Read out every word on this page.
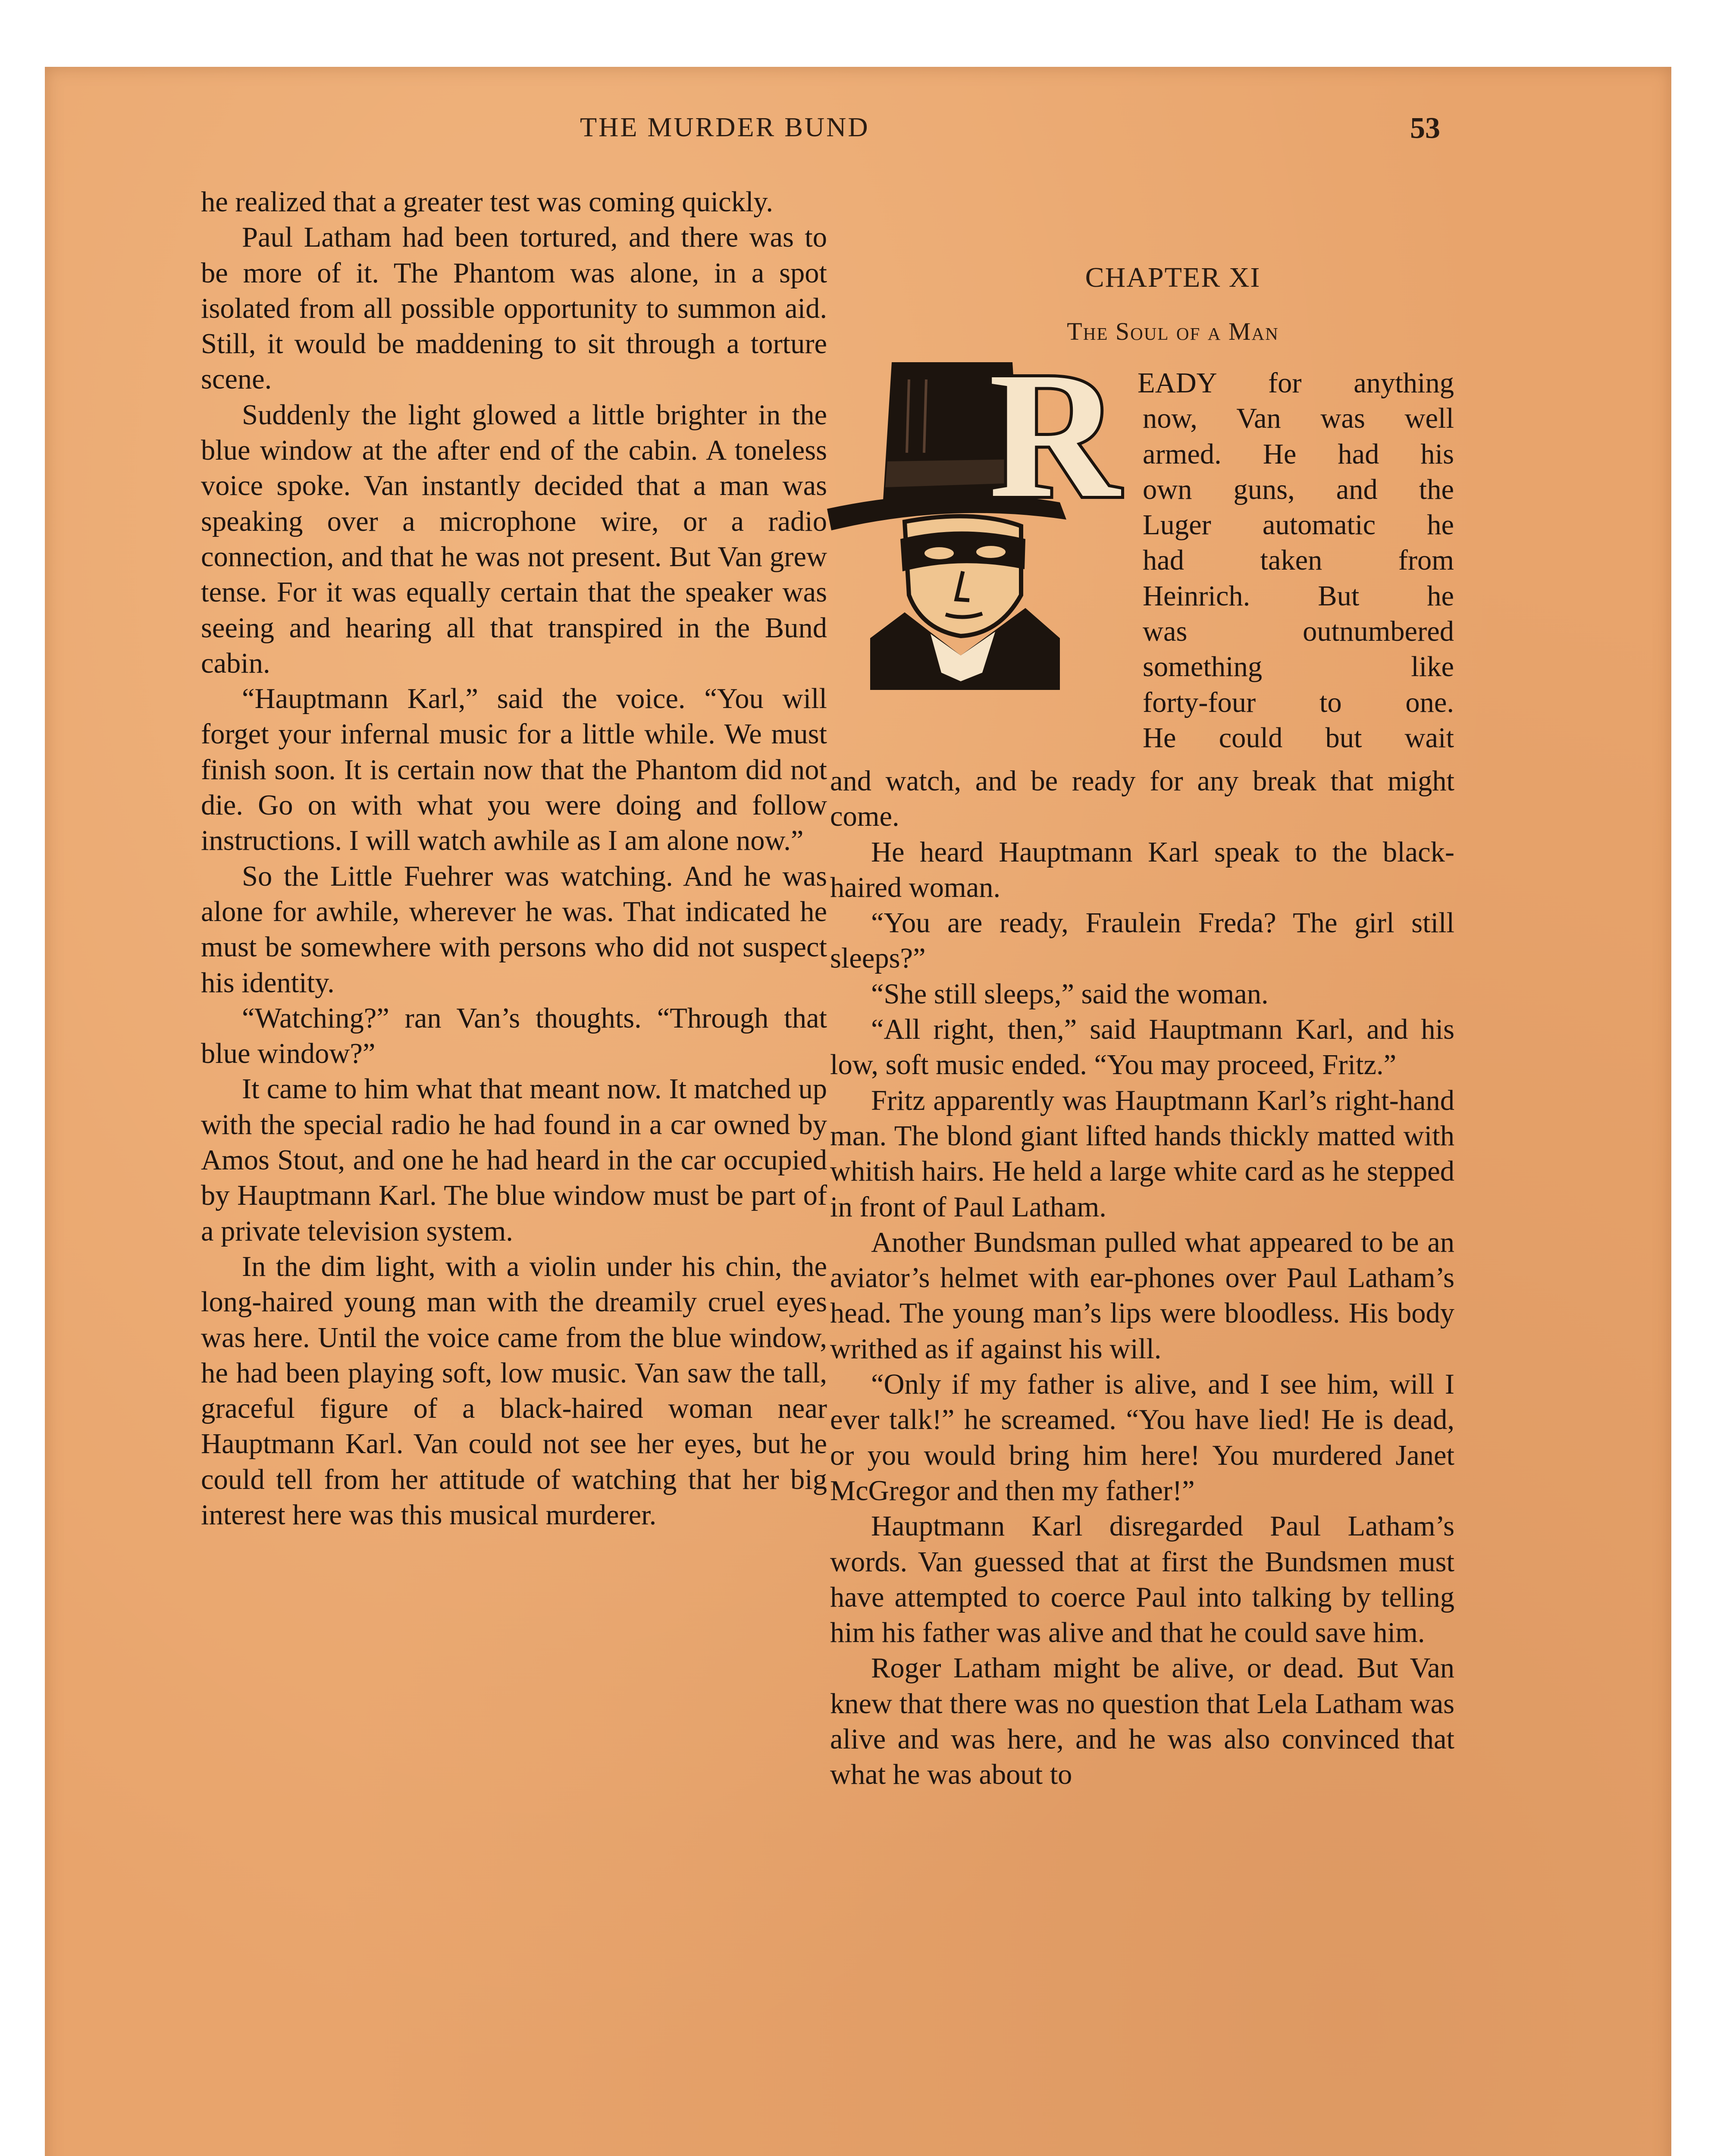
THE MURDER BUND	53

he realized that a greater test was coming quickly.

Paul Latham had been tortured, and there was to be more of it. The Phantom was alone, in a spot isolated from all possible opportunity to summon aid. Still, it would be maddening to sit through a torture scene.

Suddenly the light glowed a little brighter in the blue window at the after end of the cabin. A toneless voice spoke. Van instantly decided that a man was speaking over a microphone wire, or a radio connection, and that he was not present. But Van grew tense. For it was equally certain that the speaker was seeing and hearing all that transpired in the Bund cabin.

“Hauptmann Karl,” said the voice. “You will forget your infernal music for a little while. We must finish soon. It is certain now that the Phantom did not die. Go on with what you were doing and follow instructions. I will watch awhile as I am alone now.”

So the Little Fuehrer was watching. And he was alone for awhile, wherever he was. That indicated he must be somewhere with persons who did not suspect his identity.

“Watching?” ran Van’s thoughts. “Through that blue window?”

It came to him what that meant now. It matched up with the special radio he had found in a car owned by Amos Stout, and one he had heard in the car occupied by Hauptmann Karl. The blue window must be part of a private television system.

In the dim light, with a violin under his chin, the long-haired young man with the dreamily cruel eyes was here. Until the voice came from the blue window, he had been playing soft, low music. Van saw the tall, graceful figure of a black-haired woman near Hauptmann Karl. Van could not see her eyes, but he could tell from her attitude of watching that her big interest here was this musical murderer.

CHAPTER XI
The Soul of a Man
R EADY for anything
now, Van was well
armed. He had his
own guns, and the
Luger automatic he
had taken from
Heinrich. But he
was outnumbered
something like
forty-four to one.
He could but wait

and watch, and be ready for any break that might come.

He heard Hauptmann Karl speak to the black-haired woman.

“You are ready, Fraulein Freda? The girl still sleeps?”

“She still sleeps,” said the woman.

“All right, then,” said Hauptmann Karl, and his low, soft music ended. “You may proceed, Fritz.”

Fritz apparently was Hauptmann Karl’s right-hand man. The blond giant lifted hands thickly matted with whitish hairs. He held a large white card as he stepped in front of Paul Latham.

Another Bundsman pulled what appeared to be an aviator’s helmet with ear-phones over Paul Latham’s head. The young man’s lips were bloodless. His body writhed as if against his will.

“Only if my father is alive, and I see him, will I ever talk!” he screamed. “You have lied! He is dead, or you would bring him here! You murdered Janet McGregor and then my father!”

Hauptmann Karl disregarded Paul Latham’s words. Van guessed that at first the Bundsmen must have attempted to coerce Paul into talking by telling him his father was alive and that he could save him.

Roger Latham might be alive, or dead. But Van knew that there was no question that Lela Latham was alive and was here, and he was also convinced that what he was about to
